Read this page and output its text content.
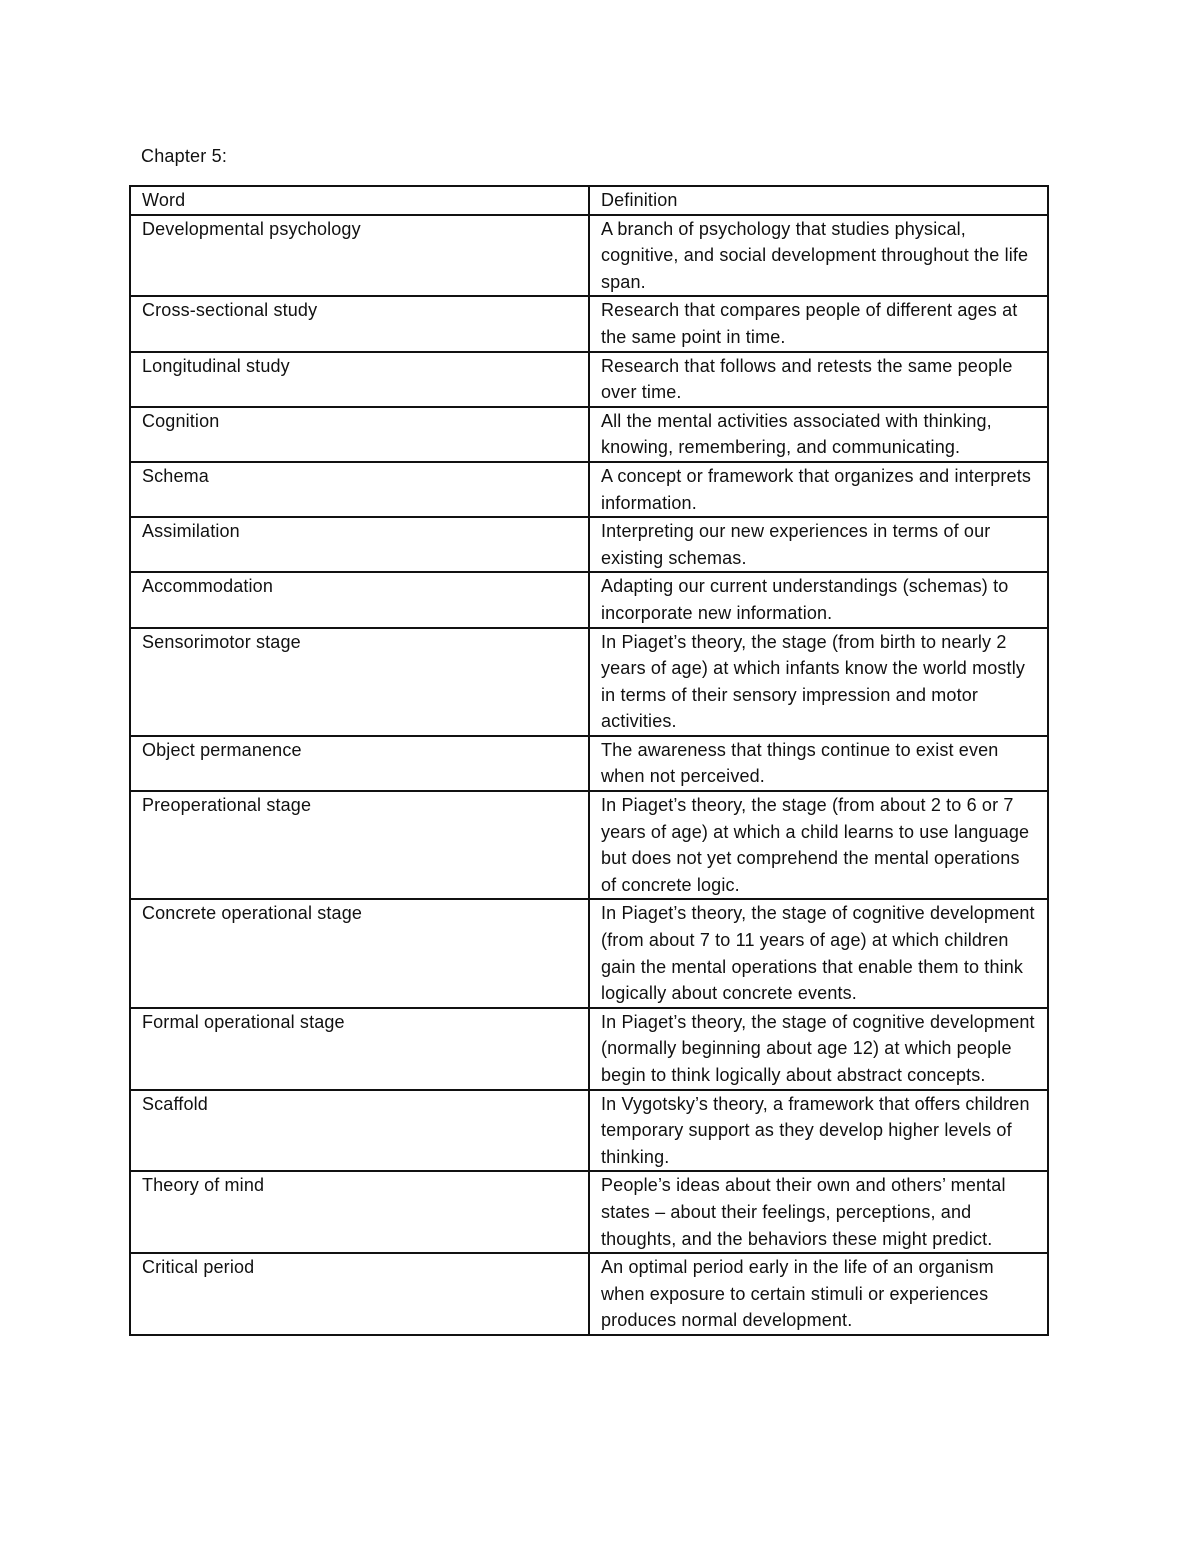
Chapter 5:
Word	Definition
Developmental psychology	A branch of psychology that studies physical, cognitive, and social development throughout the life span.
Cross-sectional study	Research that compares people of different ages at the same point in time.
Longitudinal study	Research that follows and retests the same people over time.
Cognition	All the mental activities associated with thinking, knowing, remembering, and communicating.
Schema	A concept or framework that organizes and interprets information.
Assimilation	Interpreting our new experiences in terms of our existing schemas.
Accommodation	Adapting our current understandings (schemas) to incorporate new information.
Sensorimotor stage	In Piaget’s theory, the stage (from birth to nearly 2 years of age) at which infants know the world mostly in terms of their sensory impression and motor activities.
Object permanence	The awareness that things continue to exist even when not perceived.
Preoperational stage	In Piaget’s theory, the stage (from about 2 to 6 or 7 years of age) at which a child learns to use language but does not yet comprehend the mental operations of concrete logic.
Concrete operational stage	In Piaget’s theory, the stage of cognitive development (from about 7 to 11 years of age) at which children gain the mental operations that enable them to think logically about concrete events.
Formal operational stage	In Piaget’s theory, the stage of cognitive development (normally beginning about age 12) at which people begin to think logically about abstract concepts.
Scaffold	In Vygotsky’s theory, a framework that offers children temporary support as they develop higher levels of thinking.
Theory of mind	People’s ideas about their own and others’ mental states – about their feelings, perceptions, and thoughts, and the behaviors these might predict.
Critical period	An optimal period early in the life of an organism when exposure to certain stimuli or experiences produces normal development.
